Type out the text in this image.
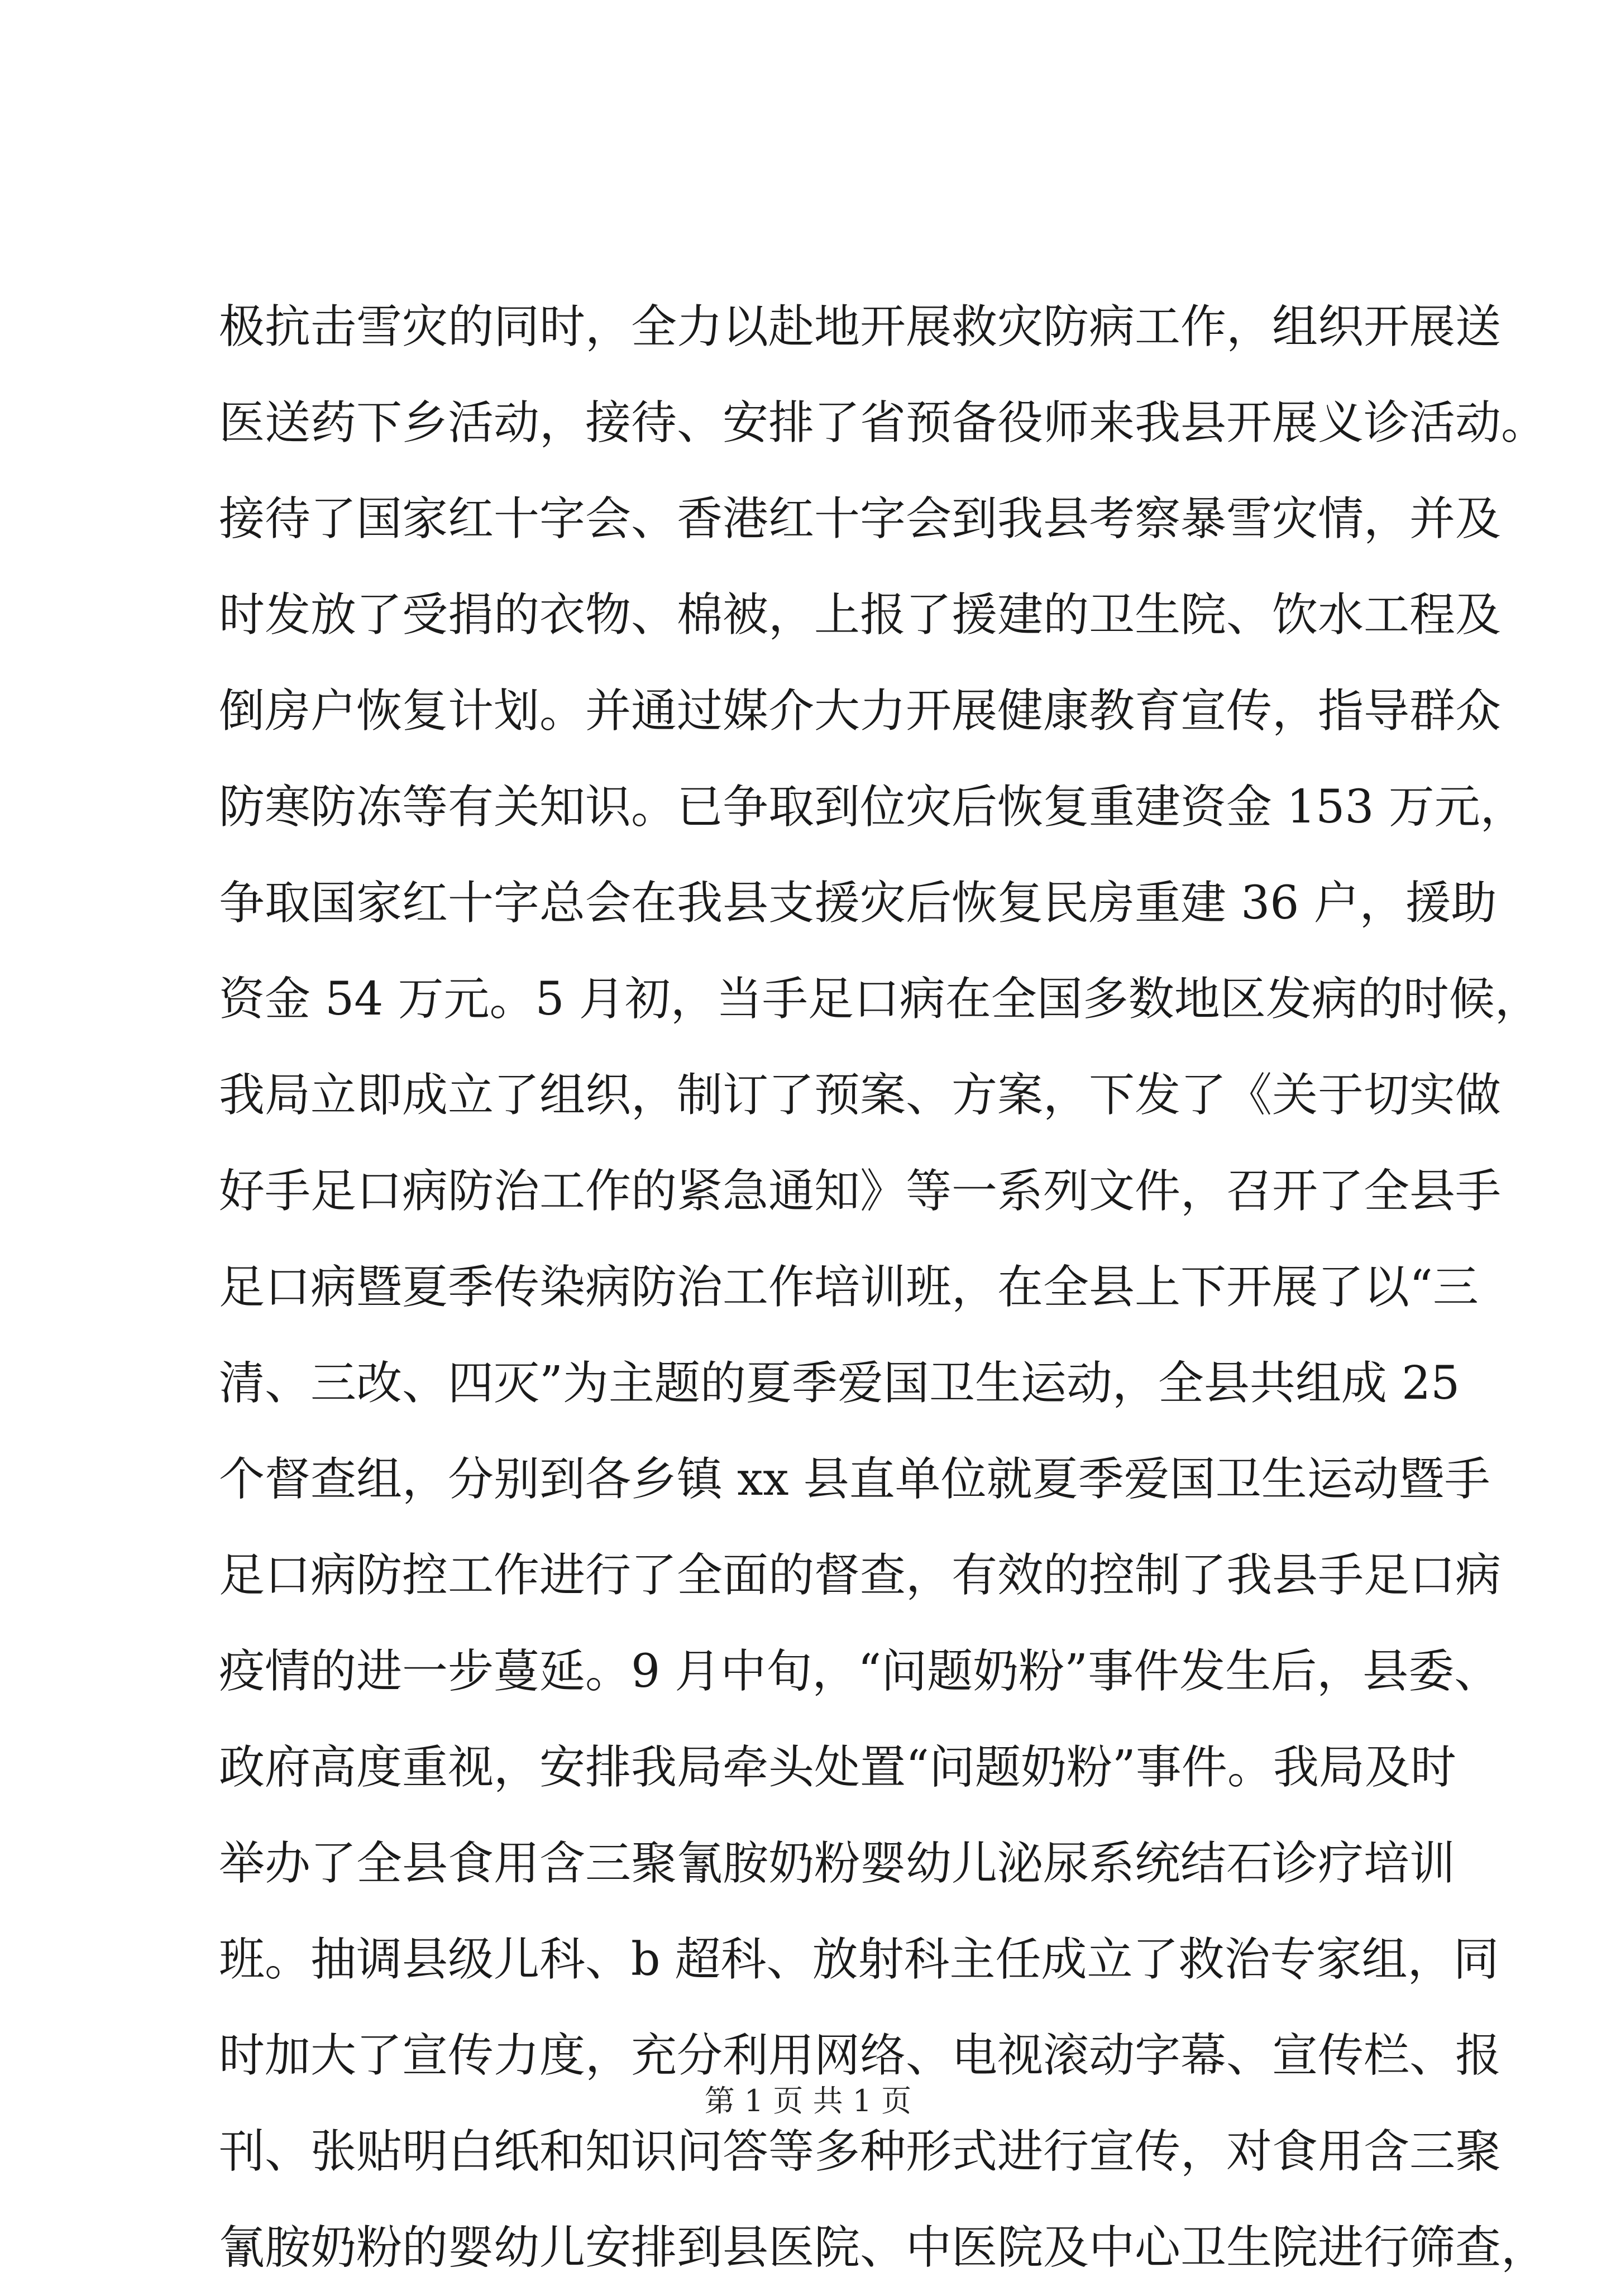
极抗击雪灾的同时，全力以赴地开展救灾防病工作，组织开展送
医送药下乡活动，接待、安排了省预备役师来我县开展义诊活动。
接待了国家红十字会、香港红十字会到我县考察暴雪灾情，并及
时发放了受捐的衣物、棉被，上报了援建的卫生院、饮水工程及
倒房户恢复计划。并通过媒介大力开展健康教育宣传，指导群众
防寒防冻等有关知识。已争取到位灾后恢复重建资金 153 万元，
争取国家红十字总会在我县支援灾后恢复民房重建 36 户，援助
资金 54 万元。5 月初，当手足口病在全国多数地区发病的时候，
我局立即成立了组织，制订了预案、方案，下发了《关于切实做
好手足口病防治工作的紧急通知》等一系列文件，召开了全县手
足口病暨夏季传染病防治工作培训班，在全县上下开展了以“三
清、三改、四灭”为主题的夏季爱国卫生运动，全县共组成 25
个督查组，分别到各乡镇 xx 县直单位就夏季爱国卫生运动暨手
足口病防控工作进行了全面的督查，有效的控制了我县手足口病
疫情的进一步蔓延。9 月中旬，“问题奶粉”事件发生后，县委、
政府高度重视，安排我局牵头处置“问题奶粉”事件。我局及时
举办了全县食用含三聚氰胺奶粉婴幼儿泌尿系统结石诊疗培训
班。抽调县级儿科、b 超科、放射科主任成立了救治专家组，同
时加大了宣传力度，充分利用网络、电视滚动字幕、宣传栏、报
刊、张贴明白纸和知识问答等多种形式进行宣传，对食用含三聚
氰胺奶粉的婴幼儿安排到县医院、中医院及中心卫生院进行筛查，
第 1 页 共 1 页
